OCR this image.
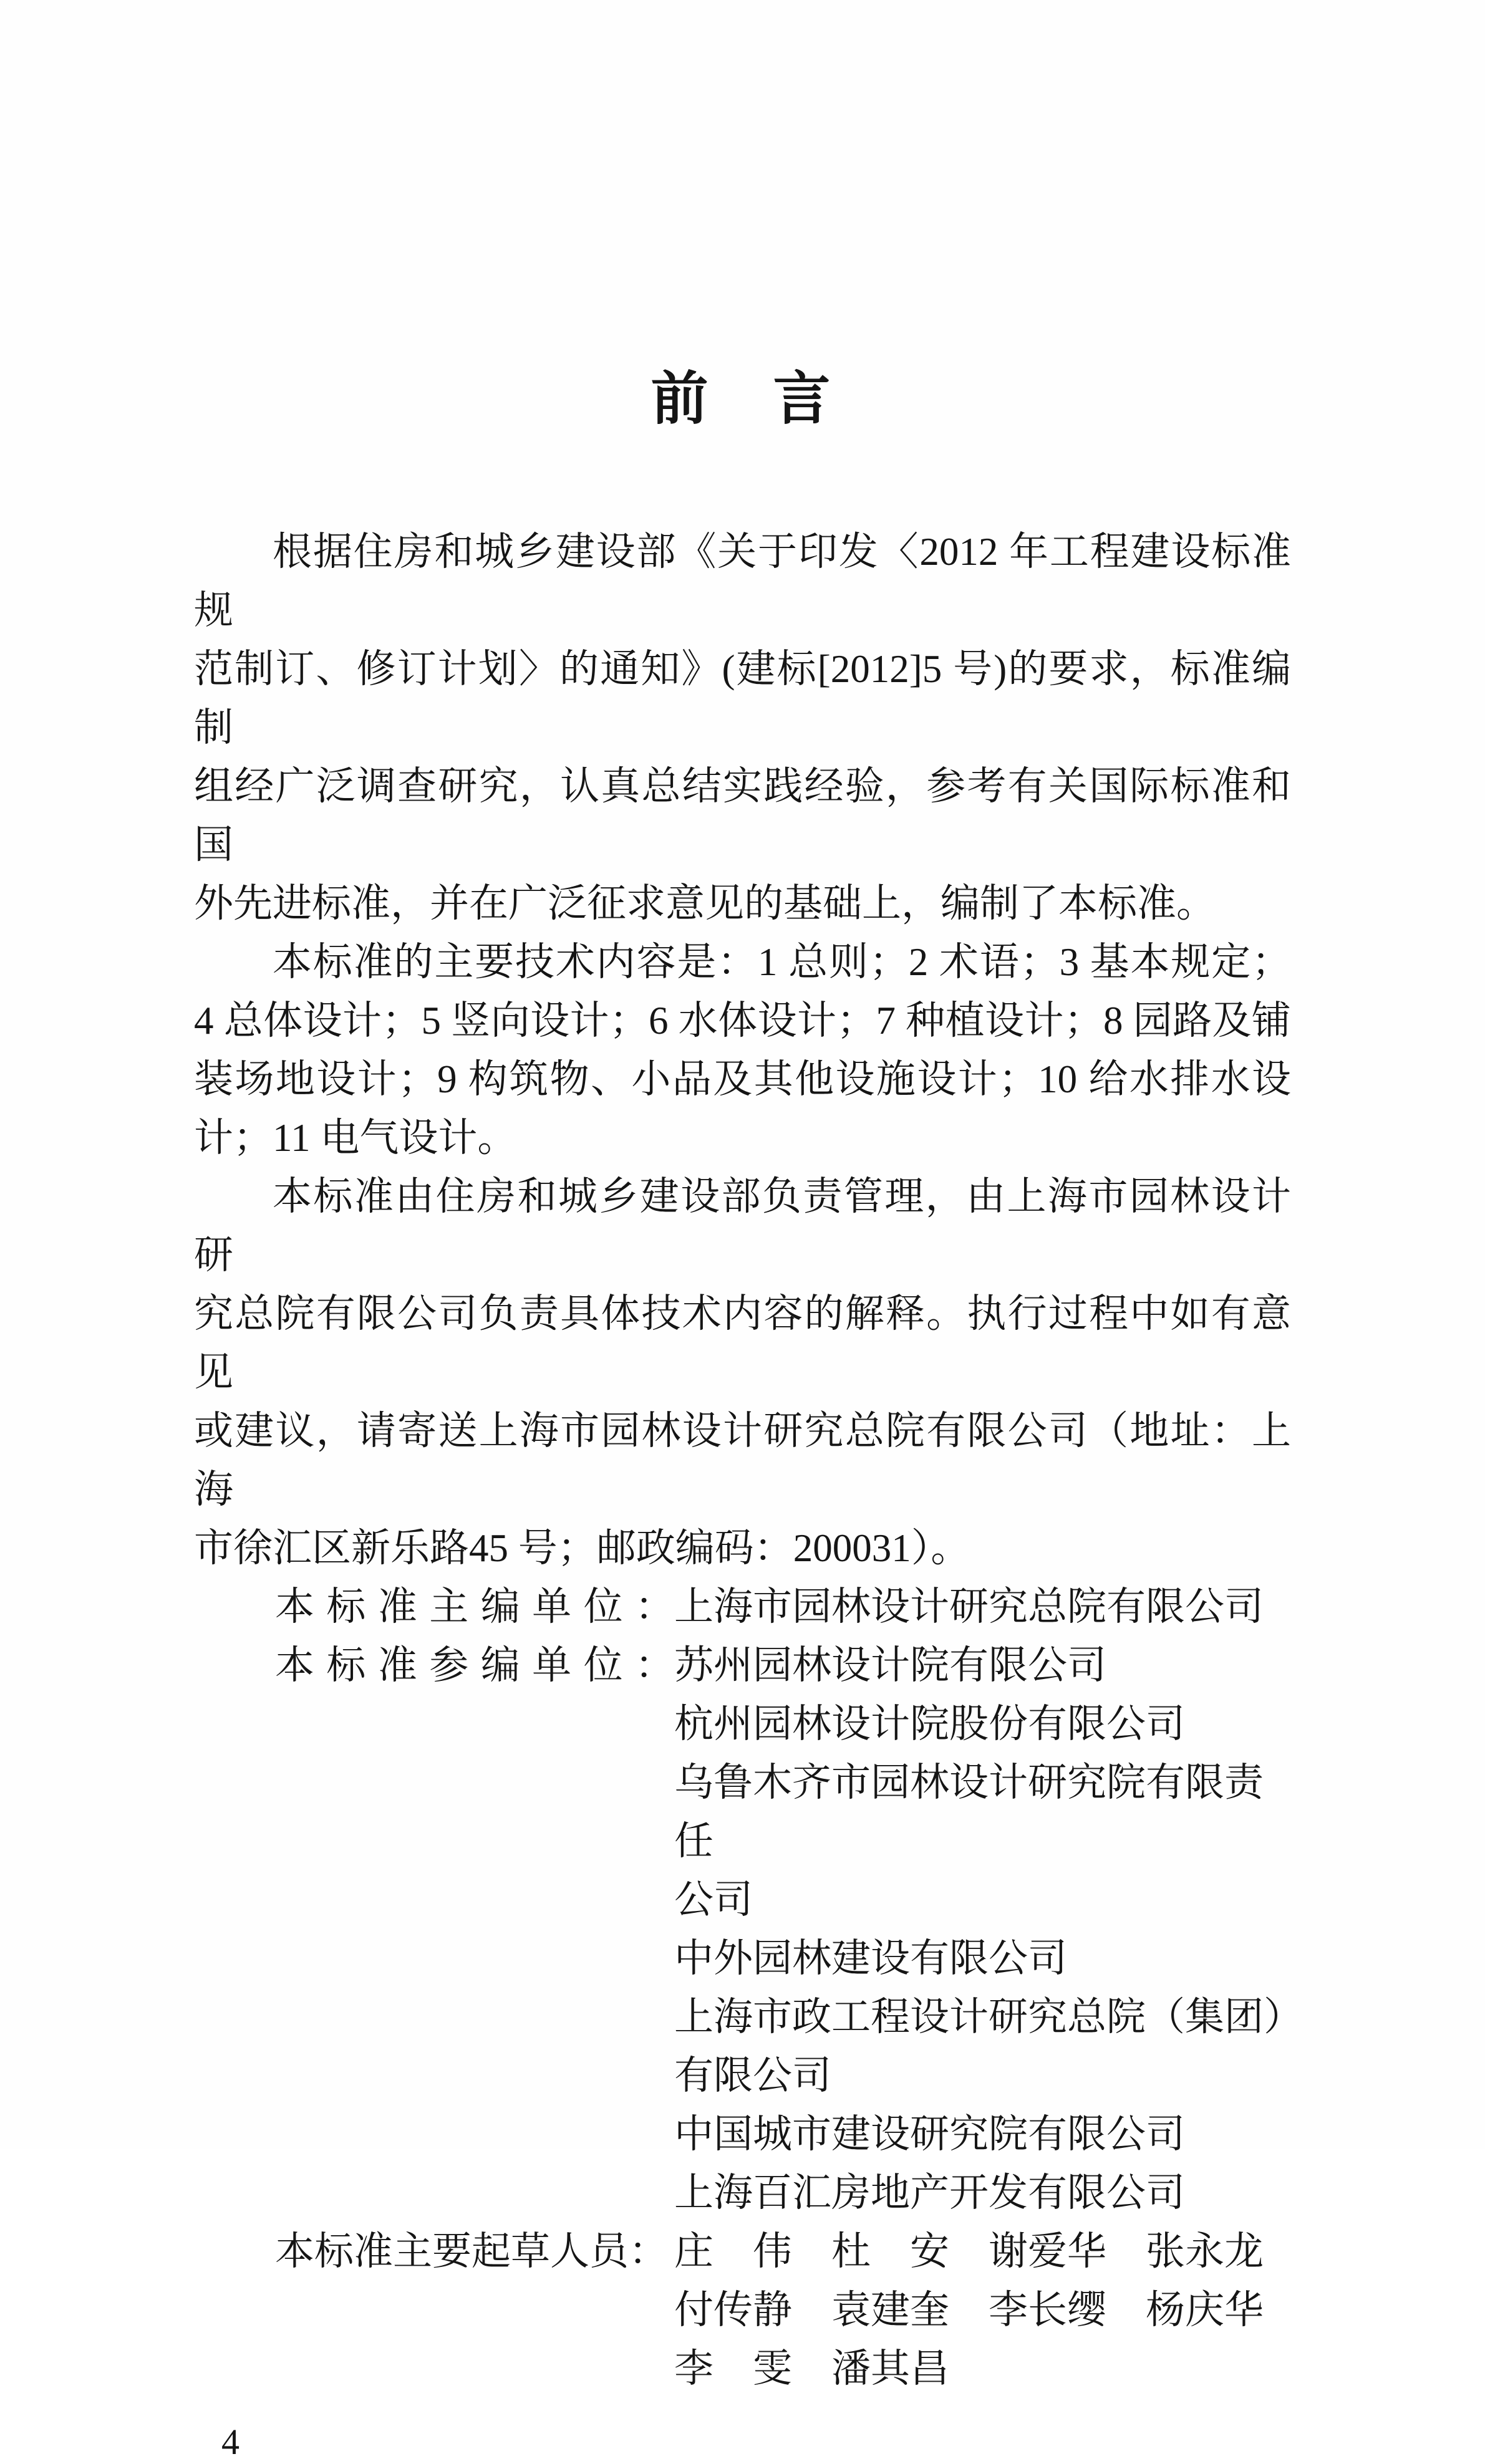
前　言
根据住房和城乡建设部《关于印发〈2012 年工程建设标准规
范制订、修订计划〉的通知》(建标[2012]5 号)的要求，标准编制
组经广泛调查研究，认真总结实践经验，参考有关国际标准和国
外先进标准，并在广泛征求意见的基础上，编制了本标准。
本标准的主要技术内容是：1 总则；2 术语；3 基本规定；
4 总体设计；5 竖向设计；6 水体设计；7 种植设计；8 园路及铺
装场地设计；9 构筑物、小品及其他设施设计；10 给水排水设
计；11 电气设计。
本标准由住房和城乡建设部负责管理，由上海市园林设计研
究总院有限公司负责具体技术内容的解释。执行过程中如有意见
或建议，请寄送上海市园林设计研究总院有限公司（地址：上海
市徐汇区新乐路45 号；邮政编码：200031）。
本标准主编单位： 上海市园林设计研究总院有限公司
本标准参编单位： 苏州园林设计院有限公司
杭州园林设计院股份有限公司
乌鲁木齐市园林设计研究院有限责任
公司
中外园林建设有限公司
上海市政工程设计研究总院（集团）
有限公司
中国城市建设研究院有限公司
上海百汇房地产开发有限公司
本标准主要起草人员： 庄　伟　杜　安　谢爱华　张永龙
付传静　袁建奎　李长缨　杨庆华
李　雯　潘其昌
4
